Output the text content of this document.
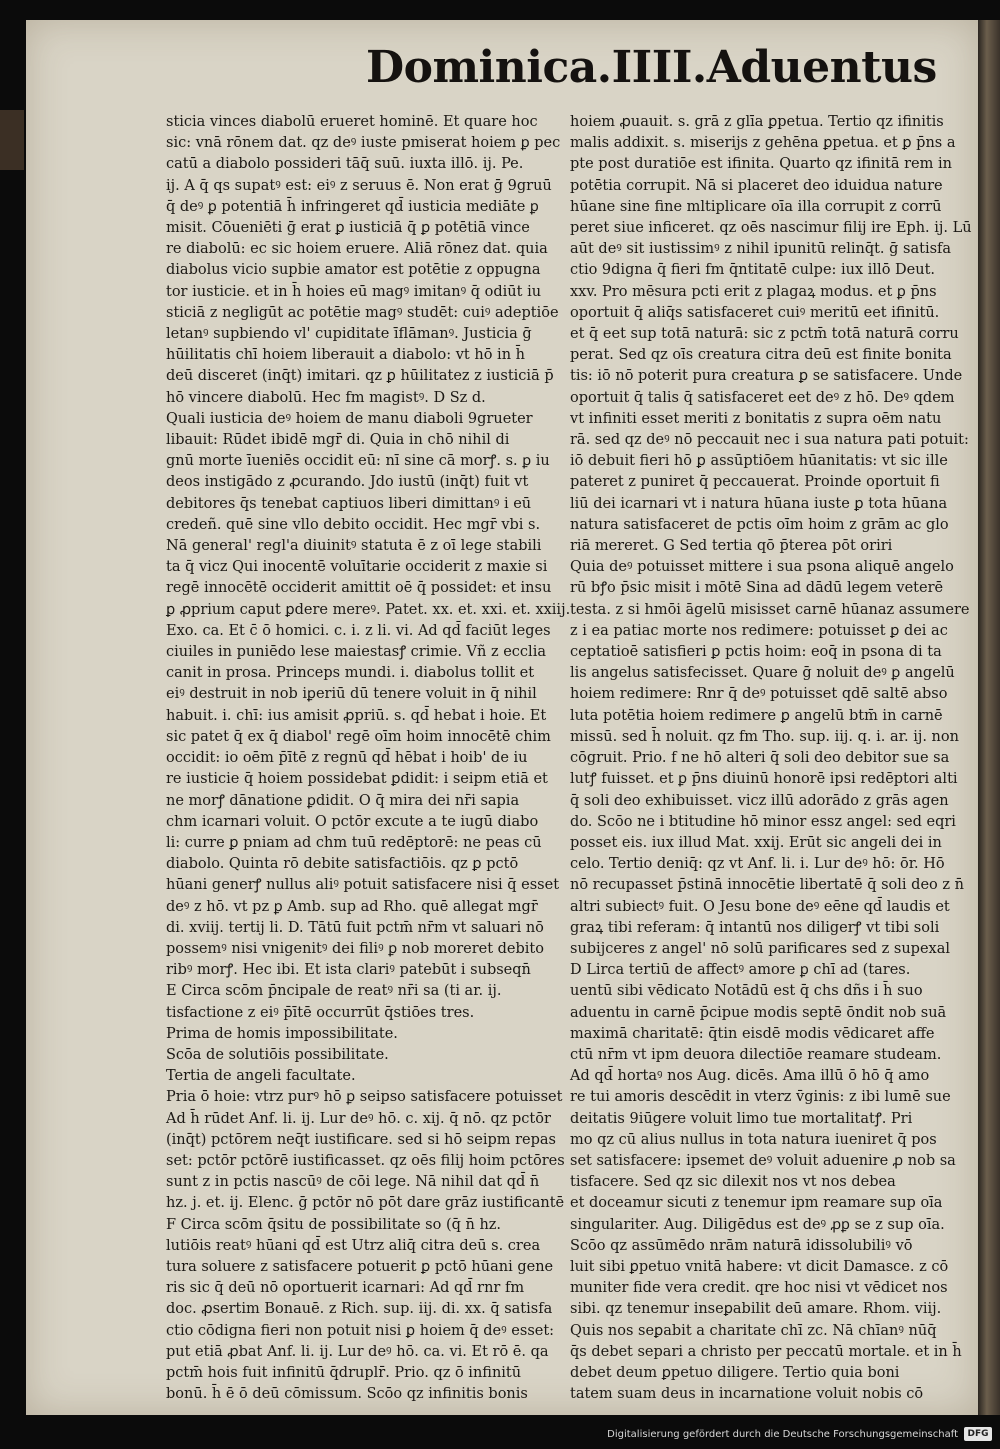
Dominica.IIII.Aduentus
sticia vinces diabolū erueret hominē. Et quare hoc
sic: vnā rōnem dat. qz deꝰ iuste pmiserat hoiem ꝑ pec
catū a diabolo possideri tāq̄ suū. iuxta illō. ij. Pe.
ij. A q̄ qs supatꝰ est: eiꝰ z seruus ē. Non erat ḡ 9gruū
q̄ deꝰ ꝑ potentiā h̄ infringeret qd̄ iusticia mediāte ꝑ
misit. Cōueniēti ḡ erat ꝑ iusticiā q̄ ꝑ potētiā vince
re diabolū: ec sic hoiem eruere. Aliā rōnez dat. quia
diabolus vicio supbie amator est potētie z oppugna
tor iusticie. et in h̄ hoies eū magꝰ imitanꝰ q̄ odiūt iu
sticiā z negligūt ac potētie magꝰ studēt: cuiꝰ adeptiōe
letanꝰ supbiendo vl' cupiditate īflāmanꝰ. Justicia ḡ
hūilitatis chī hoiem liberauit a diabolo: vt hō in h̄
deū disceret (inq̄t) imitari. qz ꝑ hūilitatez z iusticiā p̄
hō vincere diabolū. Hec fm magistꝰ. D Sz d.
Quali iusticia deꝰ hoiem de manu diaboli 9grueter
libauit: Rūdet ibidē mgr̄ di. Quia in chō nihil di
gnū morte īueniēs occidit eū: nī sine cā morꝭ. s. ꝑ iu
deos instigādo z ꝓcurando. Jdo iustū (inq̄t) fuit vt
debitores q̄s tenebat captiuos liberi dimittanꝰ i eū
credeñ. quē sine vllo debito occidit. Hec mgr̄ vbi s.
Nā general' regl'a diuinitꝰ statuta ē z oī lege stabili
ta q̄ vicz Qui inocentē voluītarie occiderit z maxie si
regē innocētē occiderit amittit oē q̄ possidet: et insu
ꝑ ꝓprium caput ꝑdere mereꝰ. Patet. xx. et. xxi. et. xxiij.
Exo. ca. Et c̄ ō homici. c. i. z li. vi. Ad qd̄ faciūt leges
ciuiles in puniēdo lese maiestasꝭ crimie. Vñ z ecclia
canit in prosa. Princeps mundi. i. diabolus tollit et
eiꝰ destruit in nob iꝑeriū dū tenere voluit in q̄ nihil
habuit. i. chī: ius amisit ꝓpriū. s. qd̄ hebat i hoie. Et
sic patet q̄ ex q̄ diabol' regē oīm hoim innocētē chim
occidit: io oēm p̄ītē z regnū qd̄ hēbat i hoib' de iu
re iusticie q̄ hoiem possidebat ꝑdidit: i seipm etiā et
ne morꝭ dānatione ꝑdidit. O q̄ mira dei nr̄i sapia
chm icarnari voluit. O pctōr excute a te iugū diabo
li: curre ꝑ pniam ad chm tuū redēptorē: ne peas cū
diabolo. Quinta rō debite satisfactiōis. qz ꝑ pctō
hūani generꝭ nullus aliꝰ potuit satisfacere nisi q̄ esset
deꝰ z hō. vt pz ꝑ Amb. sup ad Rho. quē allegat mgr̄
di. xviij. tertij li. D. Tātū fuit pctm̄ nr̄m vt saluari nō
possemꝰ nisi vnigenitꝰ dei filiꝰ ꝑ nob moreret debito
ribꝰ morꝭ. Hec ibi. Et ista clariꝰ patebūt i subseqn̄
E Circa scōm p̄ncipale de reatꝰ nr̄i sa (ti ar. ij.
tisfactione z eiꝰ p̄ītē occurrūt q̄stiōes tres.
Prima de homis impossibilitate.
Scōa de solutiōis possibilitate.
Tertia de angeli facultate.
Pria ō hoie: vtrz purꝰ hō ꝑ seipso satisfacere potuisset
Ad h̄ rūdet Anf. li. ij. Lur deꝰ hō. c. xij. q̄ nō. qz pctōr
(inq̄t) pctōrem neq̄t iustificare. sed si hō seipm repas
set: pctōr pctōrē iustificasset. qz oēs filij hoim pctōres
sunt z in pctis nascūꝰ de cōi lege. Nā nihil dat qd̄ n̄
hz. j. et. ij. Elenc. ḡ pctōr nō pōt dare grāz iustificantē
F Circa scōm q̄situ de possibilitate so (q̄ n̄ hz.
lutiōis reatꝰ hūani qd̄ est Utrz aliq̄ citra deū s. crea
tura soluere z satisfacere potuerit ꝑ pctō hūani gene
ris sic q̄ deū nō oportuerit icarnari: Ad qd̄ rnr fm
doc. ꝓsertim Bonauē. z Rich. sup. iij. di. xx. q̄ satisfa
ctio cōdigna fieri non potuit nisi ꝑ hoiem q̄ deꝰ esset:
put etiā ꝓbat Anf. li. ij. Lur deꝰ hō. ca. vi. Et rō ē. qa
pctm̄ hois fuit infinitū q̄druplr̄. Prio. qz ō infinitū
bonū. h̄ ē ō deū cōmissum. Scōo qz infinitis bonis
hoiem ꝓuauit. s. grā z glīa ꝑpetua. Tertio qz ifinitis
malis addixit. s. miserijs z gehēna ꝑpetua. et ꝑ p̄ns a
pte post duratiōe est ifinita. Quarto qz ifinitā rem in
potētia corrupit. Nā si placeret deo iduidua nature
hūane sine fine mltiplicare oīa illa corrupit z corrū
peret siue inficeret. qz oēs nascimur filij ire Eph. ij. Lū
aūt deꝰ sit iustissimꝰ z nihil ipunitū relinq̄t. ḡ satisfa
ctio 9digna q̄ fieri fm q̄ntitatē culpe: iux illō Deut.
xxv. Pro mēsura pcti erit z plagaꝝ modus. et ꝑ p̄ns
oportuit q̄ aliq̄s satisfaceret cuiꝰ meritū eet ifinitū.
et q̄ eet sup totā naturā: sic z pctm̄ totā naturā corru
perat. Sed qz oīs creatura citra deū est finite bonita
tis: iō nō poterit pura creatura ꝑ se satisfacere. Unde
oportuit q̄ talis q̄ satisfaceret eet deꝰ z hō. Deꝰ qdem
vt infiniti esset meriti z bonitatis z supra oēm natu
rā. sed qz deꝰ nō peccauit nec i sua natura pati potuit:
iō debuit fieri hō ꝑ assūptiōem hūanitatis: vt sic ille
pateret z puniret q̄ peccauerat. Proinde oportuit fi
liū dei icarnari vt i natura hūana iuste ꝑ tota hūana
natura satisfaceret de pctis oīm hoim z grām ac glo
riā mereret. G Sed tertia qō p̄terea pōt oriri
Quia deꝰ potuisset mittere i sua psona aliquē angelo
rū bꝭo p̄sic misit i mōtē Sina ad dādū legem veterē
testa. z si hmōi āgelū misisset carnē hūanaz assumere
z i ea patiac morte nos redimere: potuisset ꝑ dei ac
ceptatioē satisfieri ꝑ pctis hoim: eoq̄ in psona di ta
lis angelus satisfecisset. Quare ḡ noluit deꝰ ꝑ angelū
hoiem redimere: Rnr q̄ deꝰ potuisset qdē saltē abso
luta potētia hoiem redimere ꝑ angelū btm̄ in carnē
missū. sed h̄ noluit. qz fm Tho. sup. iij. q. i. ar. ij. non
cōgruit. Prio. f ne hō alteri q̄ soli deo debitor sue sa
lutꝭ fuisset. et ꝑ p̄ns diuinū honorē ipsi redēptori alti
q̄ soli deo exhibuisset. vicz illū adorādo z grās agen
do. Scōo ne i btitudine hō minor essz angel: sed eqri
posset eis. iux illud Mat. xxij. Erūt sic angeli dei in
celo. Tertio deniq̄: qz vt Anf. li. i. Lur deꝰ hō: ōr. Hō
nō recupasset p̄stinā innocētie libertatē q̄ soli deo z n̄
altri subiectꝰ fuit. O Jesu bone deꝰ eēne qd̄ laudis et
graꝝ tibi referam: q̄ intantū nos diligerꝭ vt tibi soli
subijceres z angel' nō solū parificares sed z supexal
D Lirca tertiū de affectꝰ amore ꝑ chī ad (tares.
uentū sibi vēdicato Notādū est q̄ chs dñs i h̄ suo
aduentu in carnē p̄cipue modis septē ōndit nob suā
maximā charitatē: q̄tin eisdē modis vēdicaret affe
ctū nr̄m vt ipm deuora dilectiōe reamare studeam.
Ad qd̄ hortaꝰ nos Aug. dicēs. Ama illū ō hō q̄ amo
re tui amoris descēdit in vterz v̄ginis: z ibi lumē sue
deitatis 9iūgere voluit limo tue mortalitatꝭ. Pri
mo qz cū alius nullus in tota natura iueniret q̄ pos
set satisfacere: ipsemet deꝰ voluit aduenire ꝓ nob sa
tisfacere. Sed qz sic dilexit nos vt nos debea
et doceamur sicuti z tenemur ipm reamare sup oīa
singulariter. Aug. Diligēdus est deꝰ ꝓꝑ se z sup oīa.
Scōo qz assūmēdo nrām naturā idissolubiliꝰ vō
luit sibi ꝑpetuo vnitā habere: vt dicit Damasce. z cō
muniter fide vera credit. qre hoc nisi vt vēdicet nos
sibi. qz tenemur inseꝑabilit deū amare. Rhom. viij.
Quis nos seꝑabit a charitate chī zc. Nā chīanꝰ nūq̄
q̄s debet separi a christo per peccatū mortale. et in h̄
debet deum ꝑpetuo diligere. Tertio quia boni
tatem suam deus in incarnatione voluit nobis cō
Digitalisierung gefördert durch die Deutsche Forschungsgemeinschaft	DFG
